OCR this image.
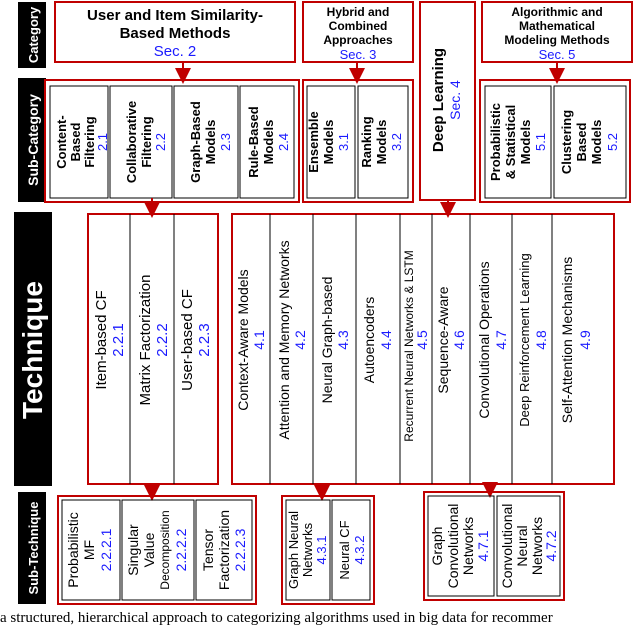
Category
Sub-Category
Technique
Sub-Technique
User and Item Similarity-
Based Methods
Sec. 2
Hybrid and
Combined
Approaches
Sec. 3	Deep Learning Sec. 4
Algorithmic and
Mathematical
Modeling Methods
Sec. 5
Content- Based Filtering
2.1 Collaborative Filtering 2.2 Graph-Based Models 2.3 Rule-Based Models 2.4 Ensemble Models 3.1 Ranking Models 3.2	Probabilistic & Statistical Models 5.1 Clustering Based Models 5.2
Item-based CF 2.2.1 Matrix Factorization 2.2.2 User-based CF 2.2.3 Context-Aware Models 4.1 Attention and Memory Networks 4.2 Neural Graph-based 4.3 Autoencoders 4.4 Recurrent Neural Networks & LSTM
4.5 Sequence-Aware 4.6 Convolutional Operations 4.7 Deep Reinforcement Learning 4.8 Self-Attention Mechanisms 4.9
Probabilistic MF 2.2.2.1 Singular Value Decomposition 2.2.2.2 Tensor Factorization 2.2.2.3	Graph Neural Networks 4.3.1 Neural CF 4.3.2	Graph Convolutional Networks 4.7.1 Convolutional Neural Networks
4.7.2
a structured, hierarchical approach to categorizing algorithms used in big data for recommer
